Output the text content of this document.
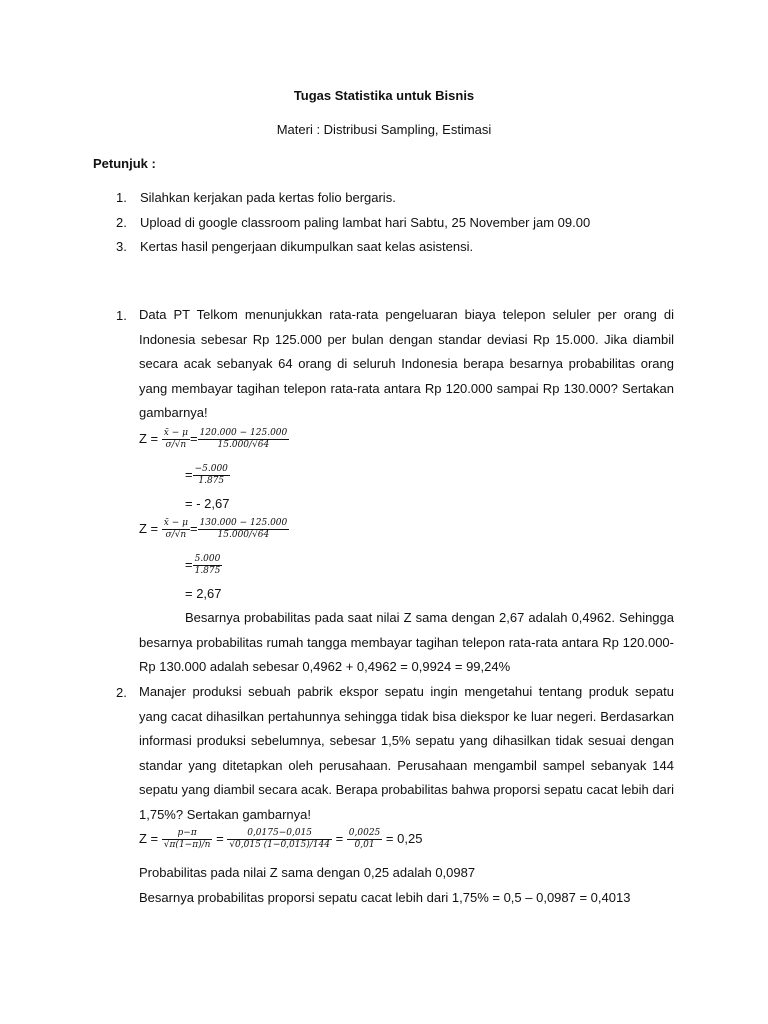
Tugas Statistika untuk Bisnis
Materi : Distribusi Sampling, Estimasi
Petunjuk :
1. Silahkan kerjakan pada kertas folio bergaris.
2. Upload di google classroom paling lambat hari Sabtu, 25 November jam 09.00
3. Kertas hasil pengerjaan dikumpulkan saat kelas asistensi.
1. Data PT Telkom menunjukkan rata-rata pengeluaran biaya telepon seluler per orang di Indonesia sebesar Rp 125.000 per bulan dengan standar deviasi Rp 15.000. Jika diambil secara acak sebanyak 64 orang di seluruh Indonesia berapa besarnya probabilitas orang yang membayar tagihan telepon rata-rata antara Rp 120.000 sampai Rp 130.000? Sertakan gambarnya!
$Z = \frac{x̄ - \mu}{\sigma/√n} = \frac{120.000 - 125.000}{15.000/√64}$
= $\frac{-5.000}{1.875}$
= - 2,67
$Z = \frac{x̄ - \mu}{\sigma/√n} = \frac{130.000 - 125.000}{15.000/√64}$
= $\frac{5.000}{1.875}$
= 2,67
Besarnya probabilitas pada saat nilai Z sama dengan 2,67 adalah 0,4962. Sehingga besarnya probabilitas rumah tangga membayar tagihan telepon rata-rata antara Rp 120.000-Rp 130.000 adalah sebesar 0,4962 + 0,4962 = 0,9924 = 99,24%
2. Manajer produksi sebuah pabrik ekspor sepatu ingin mengetahui tentang produk sepatu yang cacat dihasilkan pertahunnya sehingga tidak bisa diekspor ke luar negeri. Berdasarkan informasi produksi sebelumnya, sebesar 1,5% sepatu yang dihasilkan tidak sesuai dengan standar yang ditetapkan oleh perusahaan. Perusahaan mengambil sampel sebanyak 144 sepatu yang diambil secara acak. Berapa probabilitas bahwa proporsi sepatu cacat lebih dari 1,75%? Sertakan gambarnya!
$Z = \frac{p-\pi}{√\pi(1-\pi)/n} = \frac{0,0175-0,015}{√0,015 (1-0,015)/144} = \frac{0,0025}{0,01} = 0,25$
Probabilitas pada nilai Z sama dengan 0,25 adalah 0,0987
Besarnya probabilitas proporsi sepatu cacat lebih dari 1,75% = 0,5 – 0,0987 = 0,4013
